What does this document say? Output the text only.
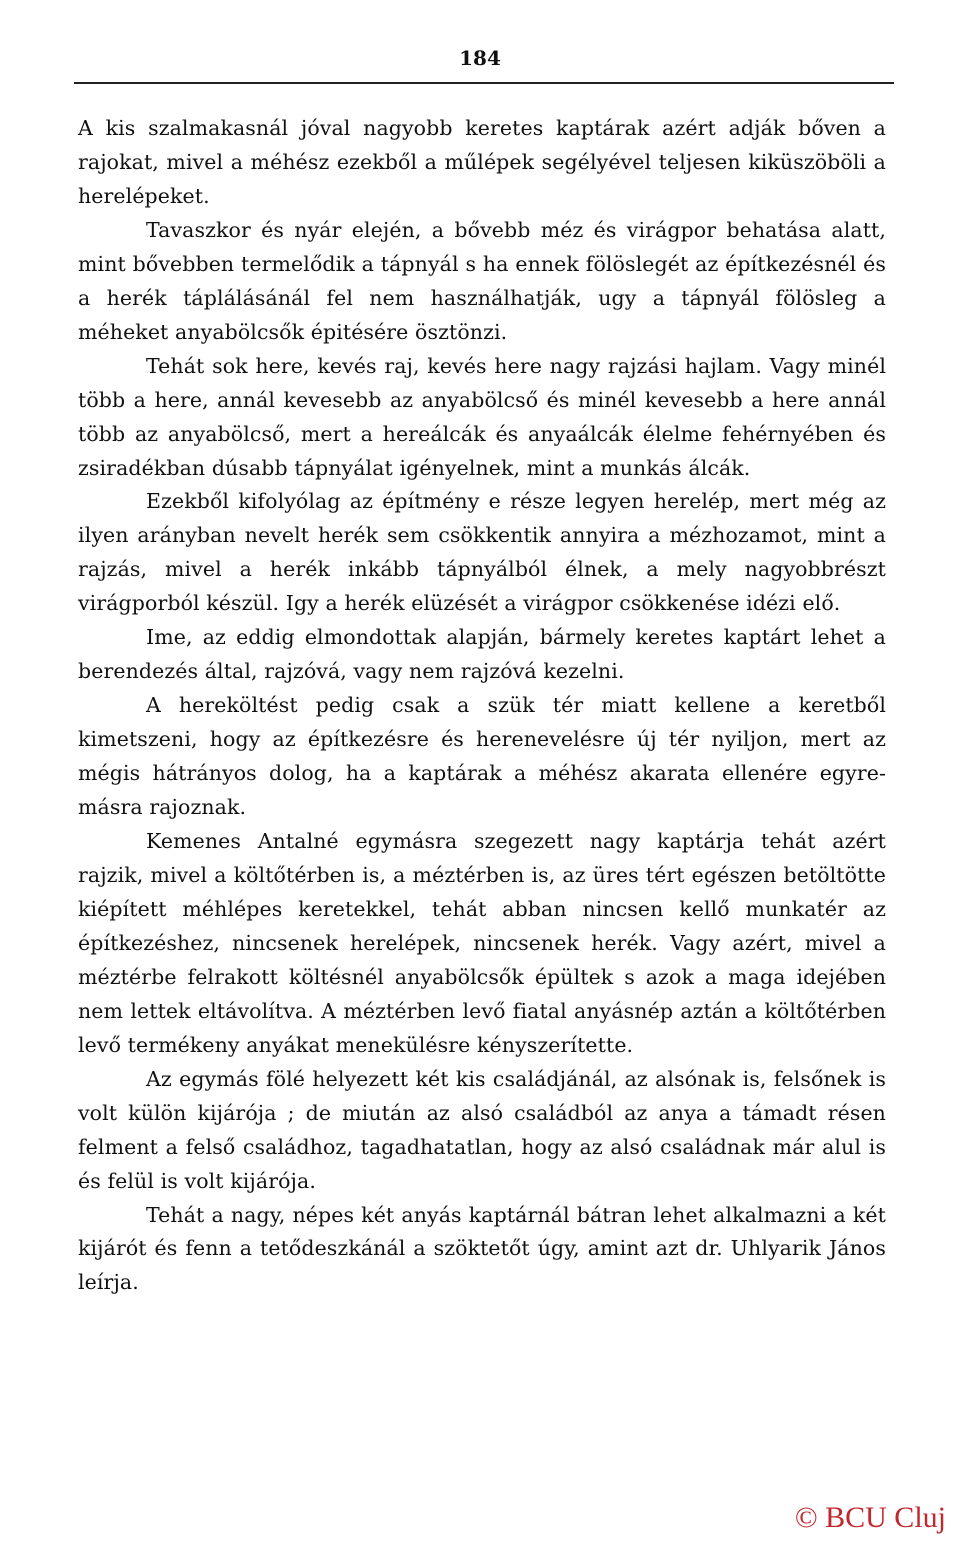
184

A kis szalmakasnál jóval nagyobb keretes kaptárak azért adják bőven a rajokat, mivel a méhész ezekből a műlépek segélyével teljesen kiküszöböli a herelépeket.

Tavaszkor és nyár elején, a bővebb méz és virágpor behatása alatt, mint bővebben termelődik a tápnyál s ha ennek fölöslegét az építkezésnél és a herék táplálásánál fel nem használhatják, ugy a tápnyál fölösleg a méheket anyabölcsők épitésére ösztönzi.

Tehát sok here, kevés raj, kevés here nagy rajzási hajlam. Vagy minél több a here, annál kevesebb az anyabölcső és minél kevesebb a here annál több az anyabölcső, mert a hereálcák és anyaálcák élelme fehérnyében és zsiradékban dúsabb tápnyálat igényelnek, mint a munkás álcák.

Ezekből kifolyólag az építmény e része legyen herelép, mert még az ilyen arányban nevelt herék sem csökkentik annyira a mézhozamot, mint a rajzás, mivel a herék inkább tápnyálból élnek, a mely nagyobbrészt virágporból készül. Igy a herék elüzését a virágpor csökkenése idézi elő.

Ime, az eddig elmondottak alapján, bármely keretes kaptárt lehet a berendezés által, rajzóvá, vagy nem rajzóvá kezelni.

A hereköltést pedig csak a szük tér miatt kellene a keretből kimetszeni, hogy az építkezésre és herenevelésre új tér nyiljon, mert az mégis hátrányos dolog, ha a kaptárak a méhész akarata ellenére egyre-másra rajoznak.

Kemenes Antalné egymásra szegezett nagy kaptárja tehát azért rajzik, mivel a költőtérben is, a méztérben is, az üres tért egészen betöltötte kiépített méhlépes keretekkel, tehát abban nincsen kellő munkatér az építkezéshez, nincsenek herelépek, nincsenek herék. Vagy azért, mivel a méztérbe felrakott költésnél anyabölcsők épültek s azok a maga idejében nem lettek eltávolítva. A méztérben levő fiatal anyásnép aztán a költőtérben levő termékeny anyákat menekülésre kényszerítette.

Az egymás fölé helyezett két kis családjánál, az alsónak is, felsőnek is volt külön kijárója ; de miután az alsó családból az anya a támadt résen felment a felső családhoz, tagadhatatlan, hogy az alsó családnak már alul is és felül is volt kijárója.

Tehát a nagy, népes két anyás kaptárnál bátran lehet alkalmazni a két kijárót és fenn a tetődeszkánál a szöktetőt úgy, amint azt dr. Uhlyarik János leírja.

© BCU Cluj
